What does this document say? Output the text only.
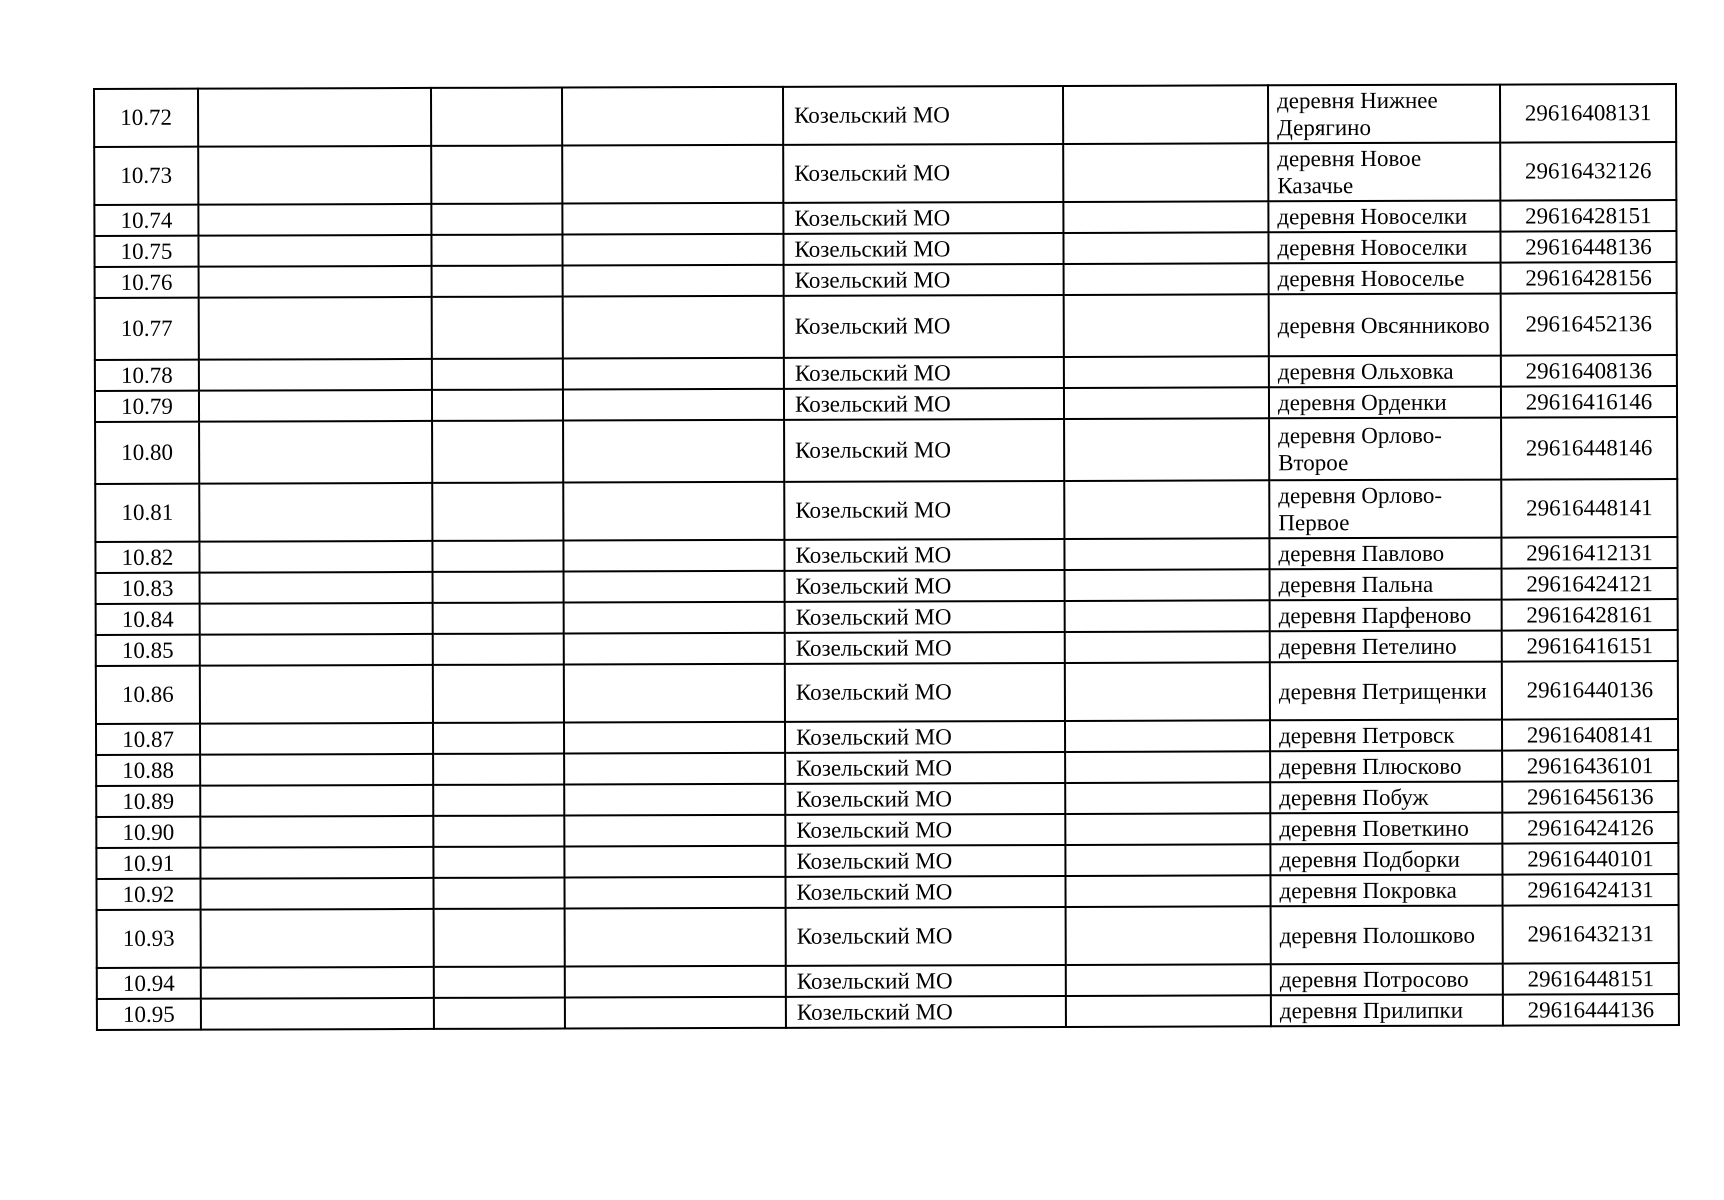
10.72				Козельский МО		деревня Нижнее Дерягино	29616408131
10.73				Козельский МО		деревня Новое Казачье	29616432126
10.74				Козельский МО		деревня Новоселки	29616428151
10.75				Козельский МО		деревня Новоселки	29616448136
10.76				Козельский МО		деревня Новоселье	29616428156
10.77				Козельский МО		деревня Овсянниково	29616452136
10.78				Козельский МО		деревня Ольховка	29616408136
10.79				Козельский МО		деревня Орденки	29616416146
10.80				Козельский МО		деревня Орлово-Второе	29616448146
10.81				Козельский МО		деревня Орлово-Первое	29616448141
10.82				Козельский МО		деревня Павлово	29616412131
10.83				Козельский МО		деревня Пальна	29616424121
10.84				Козельский МО		деревня Парфеново	29616428161
10.85				Козельский МО		деревня Петелино	29616416151
10.86				Козельский МО		деревня Петрищенки	29616440136
10.87				Козельский МО		деревня Петровск	29616408141
10.88				Козельский МО		деревня Плюсково	29616436101
10.89				Козельский МО		деревня Побуж	29616456136
10.90				Козельский МО		деревня Поветкино	29616424126
10.91				Козельский МО		деревня Подборки	29616440101
10.92				Козельский МО		деревня Покровка	29616424131
10.93				Козельский МО		деревня Полошково	29616432131
10.94				Козельский МО		деревня Потросово	29616448151
10.95				Козельский МО		деревня Прилипки	29616444136
